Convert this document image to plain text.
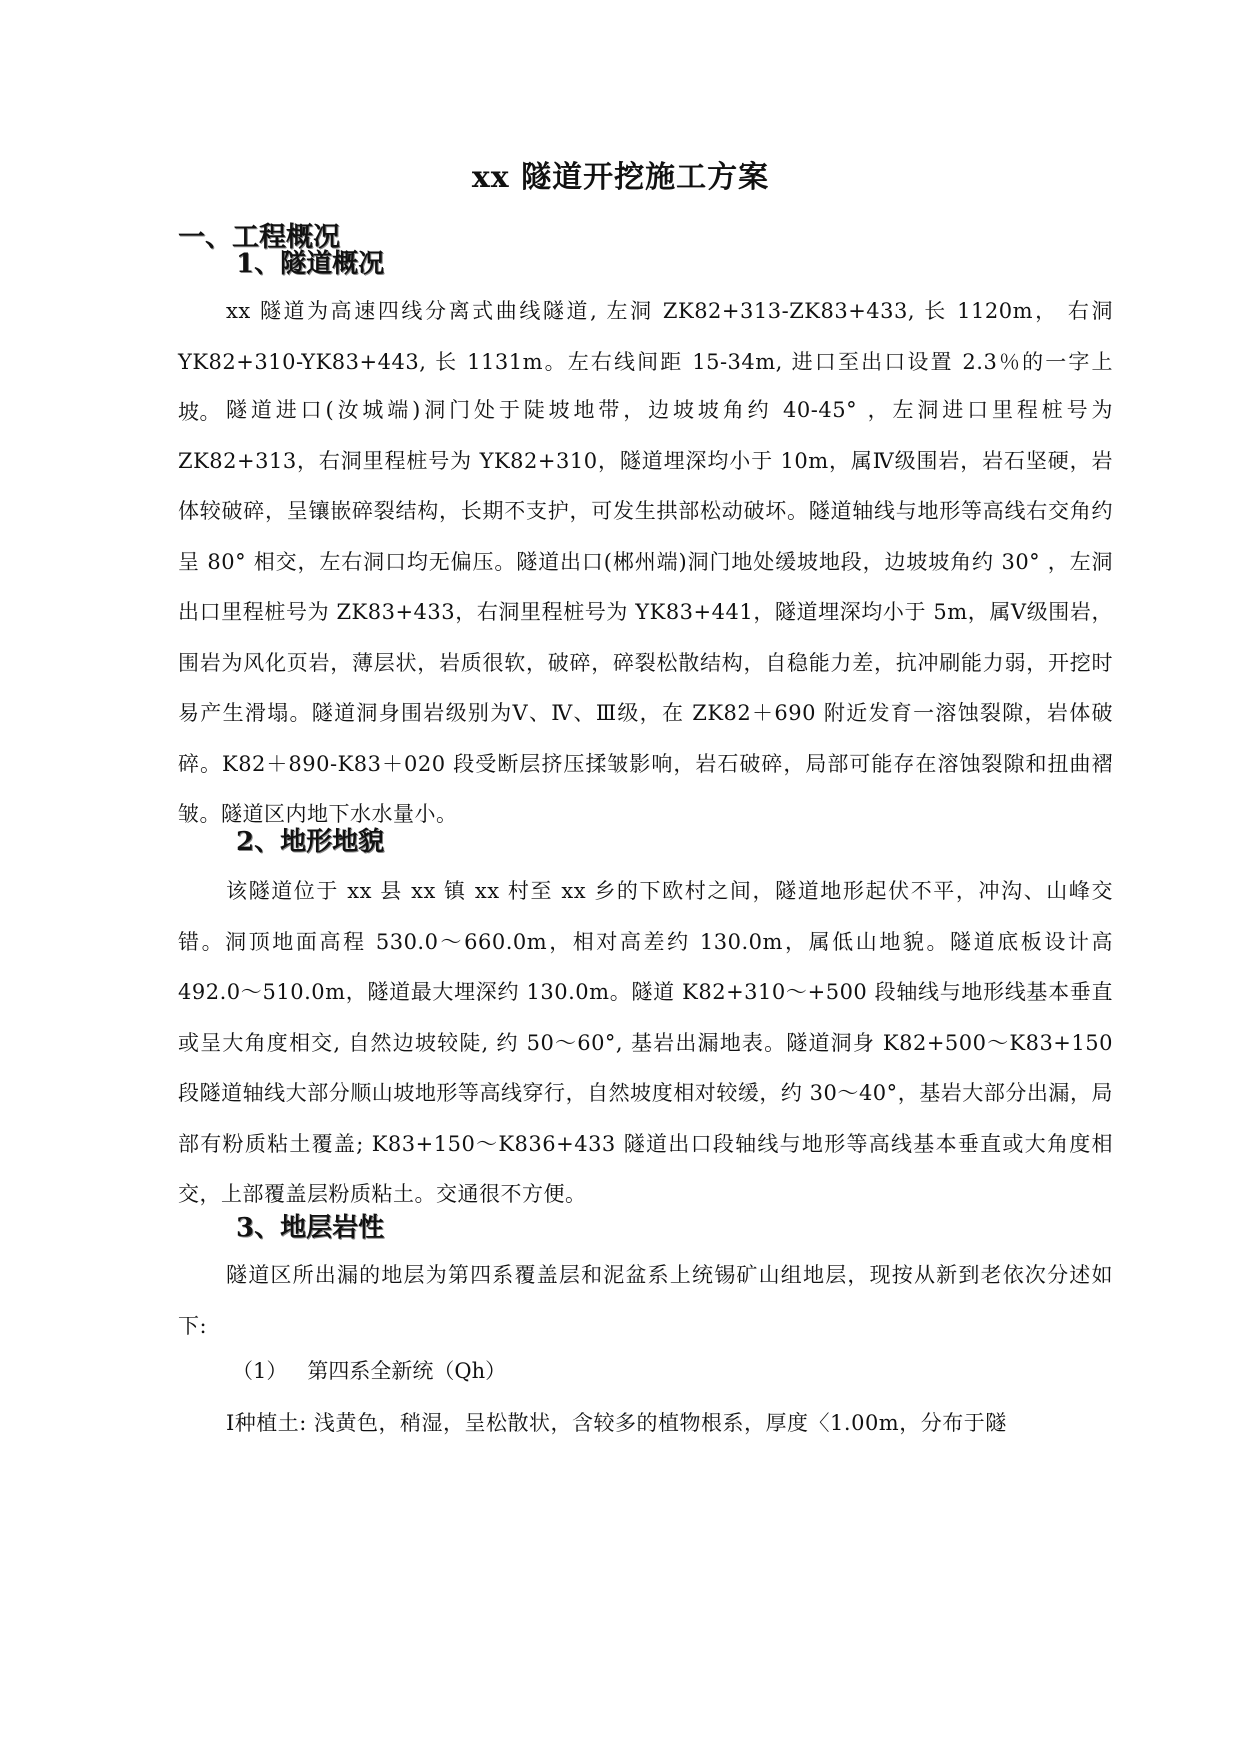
xx 隧道开挖施工方案
一、工程概况
1、隧道概况
xx 隧道为高速四线分离式曲线隧道, 左洞 ZK82+313-ZK83+433, 长 1120m， 右洞 YK82+310-YK83+443, 长 1131m。左右线间距 15-34m, 进口至出口设置 2.3％的一字上坡。 隧道进口(汝城端)洞门处于陡坡地带，边坡坡角约 40-45° ，左洞进口里程桩号为 ZK82+313，右洞里程桩号为 YK82+310，隧道埋深均小于 10m，属Ⅳ级围岩，岩石坚硬，岩体较破碎，呈镶嵌碎裂结构，长期不支护，可发生拱部松动破坏。隧道轴线与地形等高线右交角约呈 80° 相交，左右洞口均无偏压。隧道出口(郴州端)洞门地处缓坡地段，边坡坡角约 30° ，左洞出口里程桩号为 ZK83+433，右洞里程桩号为 YK83+441，隧道埋深均小于 5m，属Ⅴ级围岩，围岩为风化页岩，薄层状，岩质很软，破碎，碎裂松散结构，自稳能力差，抗冲刷能力弱，开挖时易产生滑塌。隧道洞身围岩级别为Ⅴ、Ⅳ、Ⅲ级，在 ZK82＋690 附近发育一溶蚀裂隙，岩体破碎。K82＋890-K83＋020 段受断层挤压揉皱影响，岩石破碎，局部可能存在溶蚀裂隙和扭曲褶皱。隧道区内地下水水量小。
2、地形地貌
该隧道位于 xx 县 xx 镇 xx 村至 xx 乡的下欧村之间，隧道地形起伏不平，冲沟、山峰交错。洞顶地面高程 530.0～660.0m，相对高差约 130.0m，属低山地貌。隧道底板设计高 492.0～510.0m，隧道最大埋深约 130.0m。隧道 K82+310～+500 段轴线与地形线基本垂直或呈大角度相交, 自然边坡较陡, 约 50～60°, 基岩出漏地表。隧道洞身 K82+500～K83+150 段隧道轴线大部分顺山坡地形等高线穿行，自然坡度相对较缓，约 30～40°，基岩大部分出漏，局部有粉质粘土覆盖; K83+150～K836+433 隧道出口段轴线与地形等高线基本垂直或大角度相交，上部覆盖层粉质粘土。交通很不方便。
3、地层岩性
隧道区所出漏的地层为第四系覆盖层和泥盆系上统锡矿山组地层，现按从新到老依次分述如下:
（1） 第四系全新统（Qh）
Ⅰ种植土: 浅黄色，稍湿，呈松散状，含较多的植物根系，厚度〈1.00m，分布于隧
